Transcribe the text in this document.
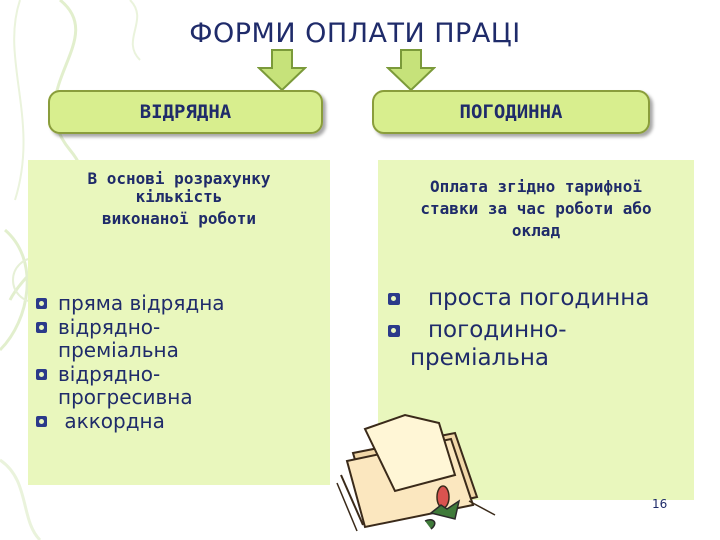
ФОРМИ ОПЛАТИ ПРАЦІ
ВІДРЯДНА	ПОГОДИННА
В основі розрахунку
кількість
виконаної роботи
Оплата згідно тарифної
ставки за час роботи або
оклад
пряма відрядна
відрядно-
преміальна
відрядно-
прогресивна
аккордна
проста погодинна
погодинно-
преміальна
16
